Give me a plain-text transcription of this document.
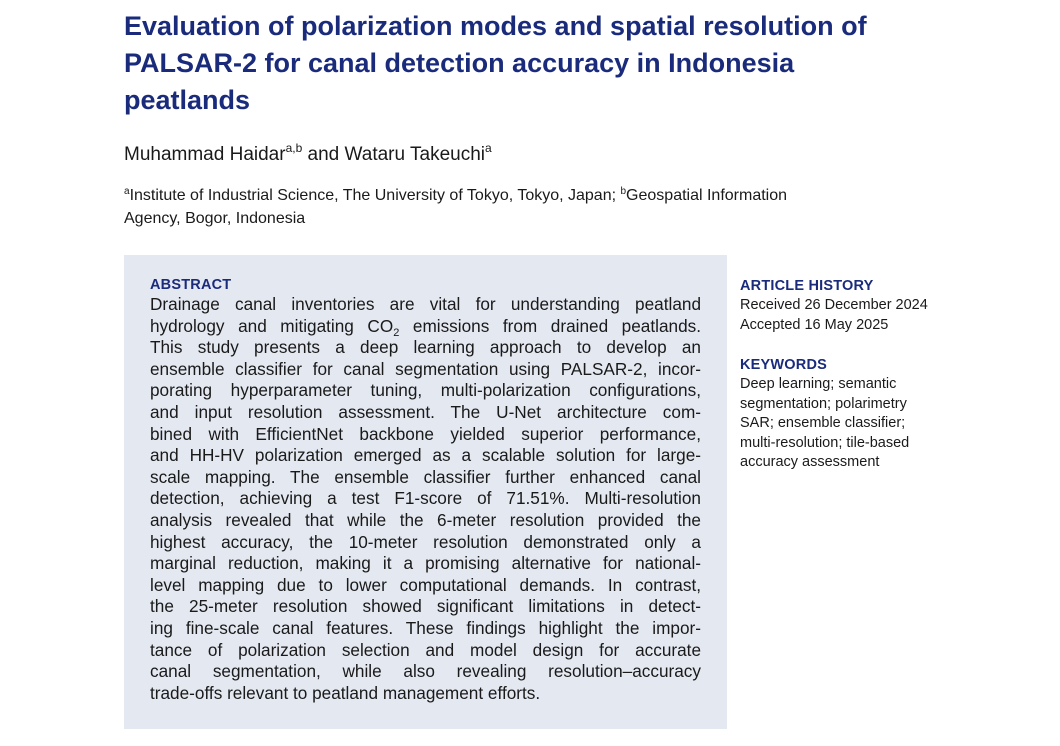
Evaluation of polarization modes and spatial resolution of
PALSAR-2 for canal detection accuracy in Indonesia
peatlands
Muhammad Haidar$^{a,b}$ and Wataru Takeuchi$^a$
$^a$Institute of Industrial Science, The University of Tokyo, Tokyo, Japan; $^b$Geospatial Information
Agency, Bogor, Indonesia
ABSTRACT
Drainage canal inventories are vital for understanding peatland
hydrology and mitigating $CO_2$ emissions from drained peatlands.
This study presents a deep learning approach to develop an
ensemble classifier for canal segmentation using PALSAR-2, incor-
porating hyperparameter tuning, multi-polarization configurations,
and input resolution assessment. The U-Net architecture com-
bined with EfficientNet backbone yielded superior performance,
and HH-HV polarization emerged as a scalable solution for large-
scale mapping. The ensemble classifier further enhanced canal
detection, achieving a test F1-score of 71.51%. Multi-resolution
analysis revealed that while the 6-meter resolution provided the
highest accuracy, the 10-meter resolution demonstrated only a
marginal reduction, making it a promising alternative for national-
level mapping due to lower computational demands. In contrast,
the 25-meter resolution showed significant limitations in detect-
ing fine-scale canal features. These findings highlight the impor-
tance of polarization selection and model design for accurate
canal segmentation, while also revealing resolution–accuracy
trade-offs relevant to peatland management efforts.
ARTICLE HISTORY
Received 26 December 2024
Accepted 16 May 2025
KEYWORDS
Deep learning; semantic
segmentation; polarimetry
SAR; ensemble classifier;
multi-resolution; tile-based
accuracy assessment
